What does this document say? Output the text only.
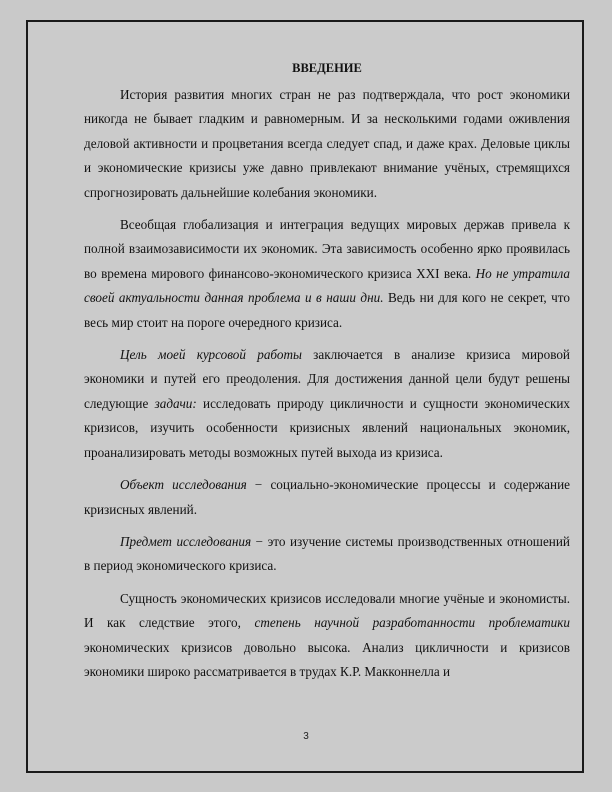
ВВЕДЕНИЕ

История развития многих стран не раз подтверждала, что рост экономики никогда не бывает гладким и равномерным. И за несколькими годами оживления деловой активности и процветания всегда следует спад, и даже крах. Деловые циклы и экономические кризисы уже давно привлекают внимание учёных, стремящихся спрогнозировать дальнейшие колебания экономики.

Всеобщая глобализация и интеграция ведущих мировых держав привела к полной взаимозависимости их экономик. Эта зависимость особенно ярко проявилась во времена мирового финансово-экономического кризиса XXI века. Но не утратила своей актуальности данная проблема и в наши дни. Ведь ни для кого не секрет, что весь мир стоит на пороге очередного кризиса.

Цель моей курсовой работы заключается в анализе кризиса мировой экономики и путей его преодоления. Для достижения данной цели будут решены следующие задачи: исследовать природу цикличности и сущности экономических кризисов, изучить особенности кризисных явлений национальных экономик, проанализировать методы возможных путей выхода из кризиса.

Объект исследования − социально-экономические процессы и содержание кризисных явлений.

Предмет исследования − это изучение системы производственных отношений в период экономического кризиса.

Сущность экономических кризисов исследовали многие учёные и экономисты. И как следствие этого, степень научной разработанности проблематики экономических кризисов довольно высока. Анализ цикличности и кризисов экономики широко рассматривается в трудах К.Р. Макконнелла и

3
